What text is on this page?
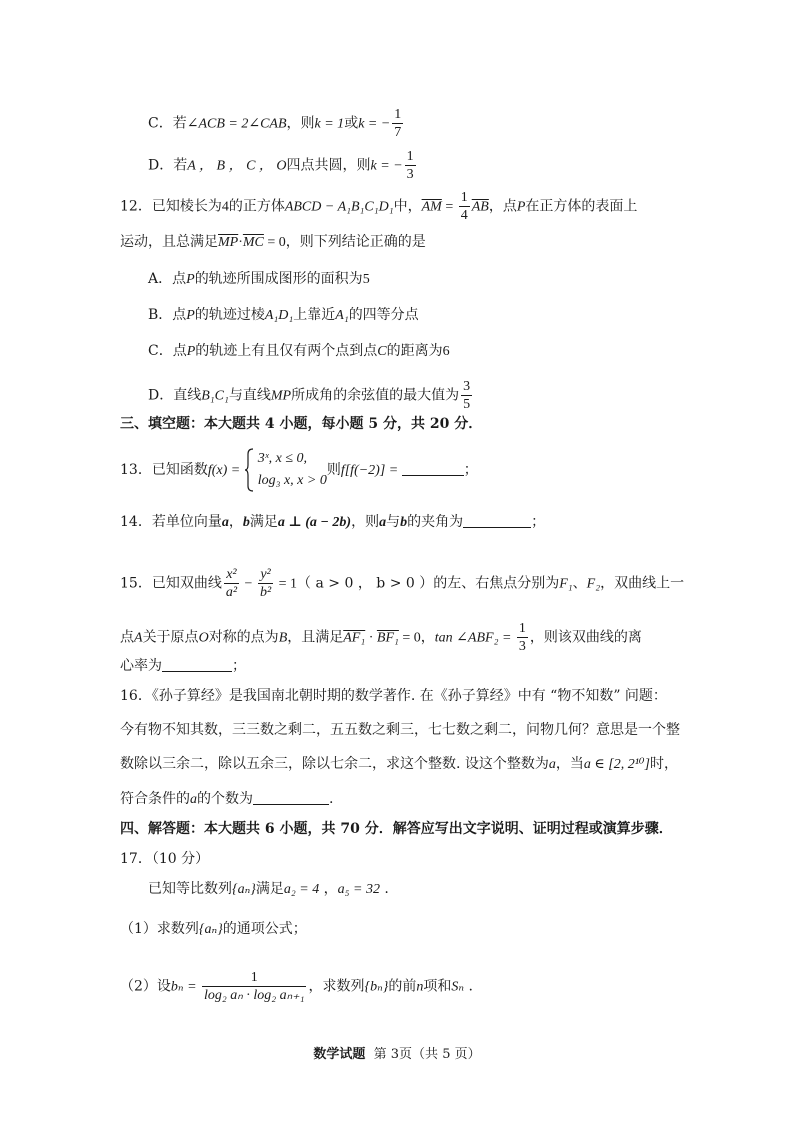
C．若∠ACB = 2∠CAB，则k = 1或k = − $\frac{1}{7}$
D．若A ， B ， C ， O四点共圆，则k = − $\frac{1}{3}$
12．已知棱长为4的正方体ABCD − A₁B₁C₁D₁中，$\overline{AM} = \frac{1}{4} \overline{AB}$，点P在正方体的表面上
运动，且总满足$\overline{MP}\cdot\overline{MC} = 0$，则下列结论正确的是
A．点P的轨迹所围成图形的面积为5
B．点P的轨迹过棱A₁D₁上靠近A₁的四等分点
C．点P的轨迹上有且仅有两个点到点C的距离为6
D．直线B₁C₁与直线MP所成角的余弦值的最大值为 $\frac{3}{5}$
三、填空题：本大题共 4 小题，每小题 5 分，共 20 分．
13．已知函数f(x) =
3ˣ, x ≤ 0,
log₃ x, x > 0
则f[f(−2)] =	；
14．若单位向量a，b满足a ⊥ (a − 2b)，则a与b的夹角为	；
15．已知双曲线 $\frac{\text{x²}}{\text{a²}} - \frac{\text{y²}}{\text{b²}} = 1$（ a > 0 ， b > 0 ）的左、右焦点分别为F₁、F₂，双曲线上一
点A关于原点O对称的点为B，且满足AF₁ · BF₁ = 0，tan ∠ABF₂ = $\frac{1}{3}$ ，则该双曲线的离
心率为	；
16．《孙子算经》是我国南北朝时期的数学著作. 在《孙子算经》中有 “物不知数” 问题：
今有物不知其数，三三数之剩二，五五数之剩三，七七数之剩二，问物几何？意思是一个整
数除以三余二，除以五余三，除以七余二，求这个整数. 设这个整数为a，当a ∈ [2, 2¹⁰]时，
符合条件的a的个数为	.
四、解答题：本大题共 6 小题，共 70 分．解答应写出文字说明、证明过程或演算步骤．
17．（10 分）
已知等比数列{aₙ}满足a₂ = 4 ，a₅ = 32 .
（1）求数列{aₙ}的通项公式；
（2）设$b_n = \frac{1}{\text{log₂ aₙ · log₂ aₙ₊₁}}$ ，求数列{bₙ}的前n项和Sₙ .
数学试题 第 3页（共 5 页）
